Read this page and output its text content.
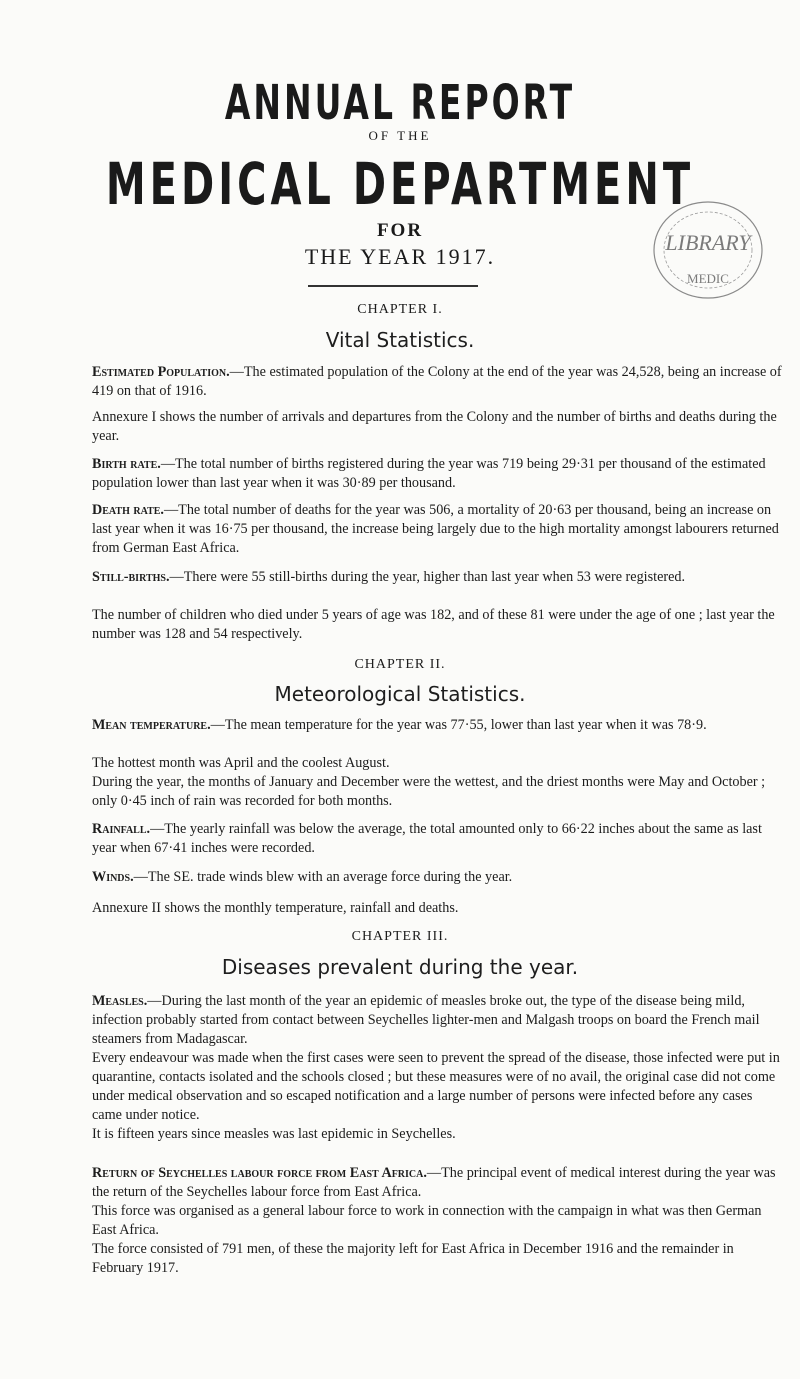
ANNUAL REPORT
OF THE
MEDICAL DEPARTMENT
FOR
THE YEAR 1917.
LIBRARY
MEDIC
CHAPTER I.
Vital Statistics.

Estimated Population.—The estimated population of the Colony at the end of the year was 24,528, being an increase of 419 on that of 1916.

Annexure I shows the number of arrivals and departures from the Colony and the number of births and deaths during the year.

Birth rate.—The total number of births registered during the year was 719 being 29·31 per thousand of the estimated population lower than last year when it was 30·89 per thousand.

Death rate.—The total number of deaths for the year was 506, a mortality of 20·63 per thousand, being an increase on last year when it was 16·75 per thousand, the increase being largely due to the high mortality amongst labourers returned from German East Africa.

Still-births.—There were 55 still-births during the year, higher than last year when 53 were registered.

The number of children who died under 5 years of age was 182, and of these 81 were under the age of one ; last year the number was 128 and 54 respectively.

CHAPTER II.
Meteorological Statistics.

Mean temperature.—The mean temperature for the year was 77·55, lower than last year when it was 78·9.

The hottest month was April and the coolest August.

During the year, the months of January and December were the wettest, and the driest months were May and October ; only 0·45 inch of rain was recorded for both months.

Rainfall.—The yearly rainfall was below the average, the total amounted only to 66·22 inches about the same as last year when 67·41 inches were recorded.

Winds.—The SE. trade winds blew with an average force during the year.

Annexure II shows the monthly temperature, rainfall and deaths.

CHAPTER III.
Diseases prevalent during the year.

Measles.—During the last month of the year an epidemic of measles broke out, the type of the disease being mild, infection probably started from contact between Seychelles lighter-men and Malgash troops on board the French mail steamers from Madagascar.

Every endeavour was made when the first cases were seen to prevent the spread of the disease, those infected were put in quarantine, contacts isolated and the schools closed ; but these measures were of no avail, the original case did not come under medical observation and so escaped notification and a large number of persons were infected before any cases came under notice.

It is fifteen years since measles was last epidemic in Seychelles.

Return of Seychelles labour force from East Africa.—The principal event of medical interest during the year was the return of the Seychelles labour force from East Africa.

This force was organised as a general labour force to work in connection with the campaign in what was then German East Africa.

The force consisted of 791 men, of these the majority left for East Africa in December 1916 and the remainder in February 1917.
